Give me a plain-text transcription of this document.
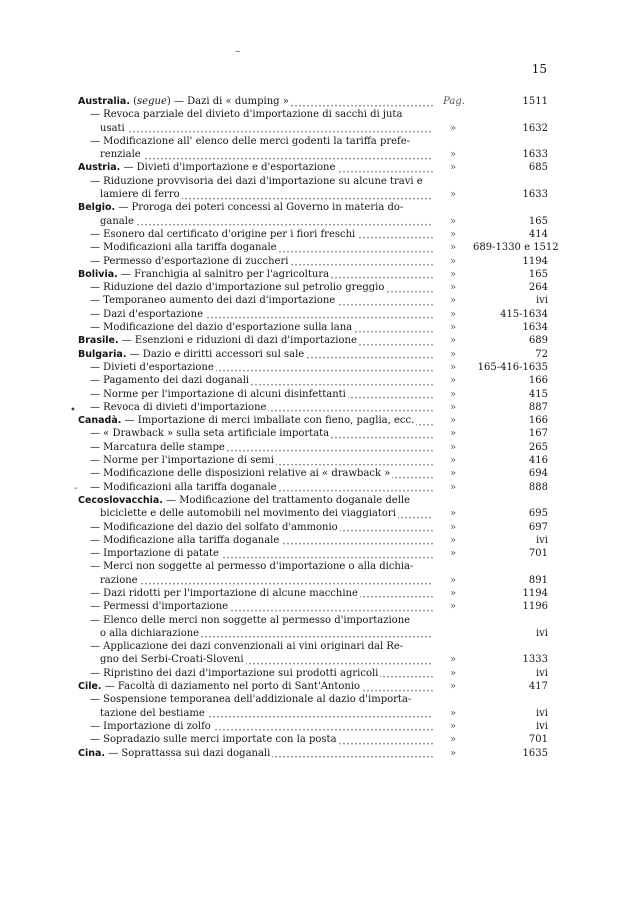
15
–
•
-
Australia. (segue) — Dazi di « dumping »	Pag.	1511
— Revoca parziale del divieto d'importazione di sacchi di juta
usati	»	1632
— Modificazione all' elenco delle merci godenti la tariffa prefe-
renziale	»	1633
Austria. — Divieti d'importazione e d'esportazione	»	685
— Riduzione provvisoria dei dazi d'importazione su alcune travi e
lamiere di ferro	»	1633
Belgio. — Proroga dei poteri concessi al Governo in materia do-
ganale	»	165
— Esonero dal certificato d'origine per i fiori freschi	»	414
— Modificazioni alla tariffa doganale	»	689-1330 e 1512
— Permesso d'esportazione di zuccheri	»	1194
Bolivia. — Franchigia al salnitro per l'agricoltura	»	165
— Riduzione del dazio d'importazione sul petrolio greggio	»	264
— Temporaneo aumento dei dazi d'importazione	»	ivi
— Dazi d'esportazione	»	415-1634
— Modificazione del dazio d'esportazione sulla lana	»	1634
Brasile. — Esenzioni e riduzioni di dazi d'importazione	»	689
Bulgaria. — Dazio e diritti accessori sul sale	»	72
— Divieti d'esportazione	»	165-416-1635
— Pagamento dei dazi doganali	»	166
— Norme per l'importazione di alcuni disinfettanti	»	415
— Revoca di divieti d'importazione	»	887
Canadà. — Importazione di merci imballate con fieno, paglia, ecc.	»	166
— « Drawback » sulla seta artificiale importata	»	167
— Marcatura delle stampe	»	265
— Norme per l'importazione di semi	»	416
— Modificazione delle disposizioni relative ai « drawback »	»	694
— Modificazioni alla tariffa doganale	»	888
Cecoslovacchia. — Modificazione del trattamento doganale delle
biciclette e delle automobili nel movimento dei viaggiatori	»	695
— Modificazione del dazio del solfato d'ammonio	»	697
— Modificazione alla tariffa doganale	»	ivi
— Importazione di patate	»	701
— Merci non soggette al permesso d'importazione o alla dichia-
razione	»	891
— Dazi ridotti per l'importazione di alcune macchine	»	1194
— Permessi d'importazione	»	1196
— Elenco delle merci non soggette al permesso d'importazione
o alla dichiarazione	ivi
— Applicazione dei dazi convenzionali ai vini originari dal Re-
gno dei Serbi-Croati-Sloveni	»	1333
— Ripristino dei dazi d'importazione sui prodotti agricoli	»	ivi
Cile. — Facoltà di daziamento nel porto di Sant'Antonio	»	417
— Sospensione temporanea dell'addizionale al dazio d'importa-
tazione del bestiame	»	ivi
— Importazione di zolfo	»	ivi
— Sopradazio sulle merci importate con la posta	»	701
Cina. — Soprattassa sui dazi doganali	»	1635
